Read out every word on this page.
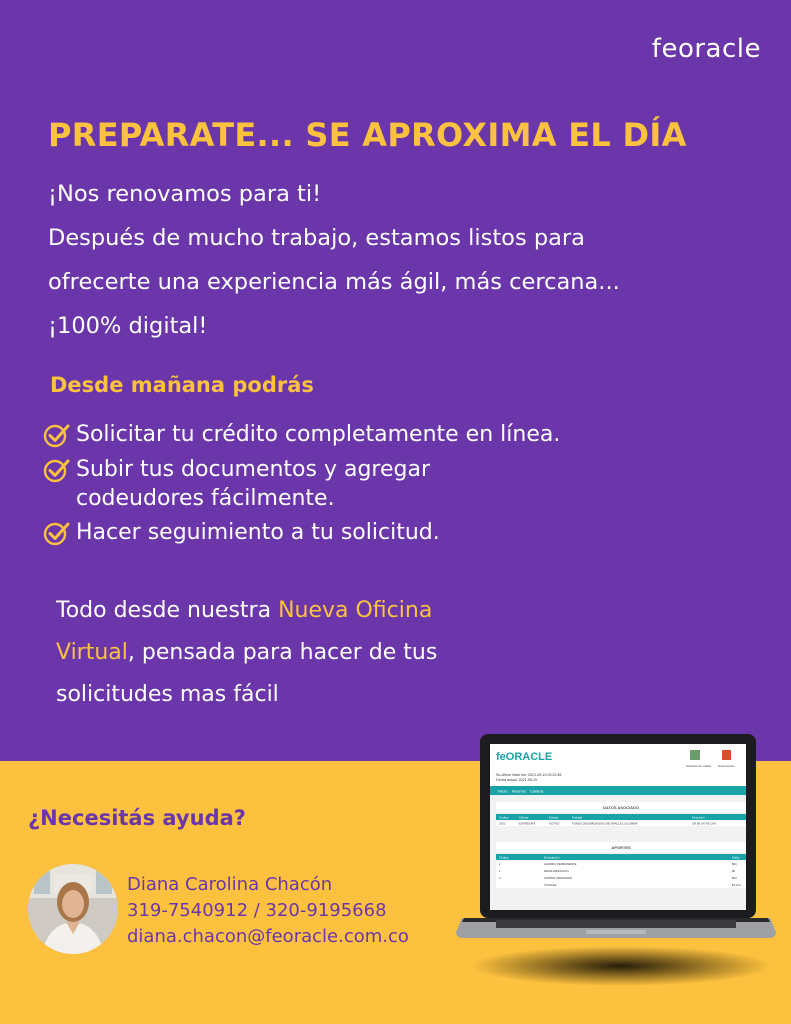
feoracle
PREPARATE... SE APROXIMA EL DÍA
¡Nos renovamos para ti!
Después de mucho trabajo, estamos listos para
ofrecerte una experiencia más ágil, más cercana...
¡100% digital!
Desde mañana podrás
Solicitar tu crédito completamente en línea.
Subir tus documentos y agregar
codeudores fácilmente.
Hacer seguimiento a tu solicitud.
Todo desde nuestra Nueva Oficina Virtual, pensada para hacer de tus solicitudes mas fácil
¿Necesitás ayuda?
Diana Carolina Chacón
319-7540912 / 320-9195668
diana.chacon@feoracle.com.co
feORACLE
Solicitud de crédito Documentos
Su ultimo inicio fue: 2021-05-19 02:22:45
Fecha actual: 2021-05-19
Inicio Ahorros Cartera
DATOS ASOCIADO
Código	Cliente	Estado	Entidad	Dirección
2301	ESTRIDORA	ACTIVO	FONDO DE EMPLEADOS DE ORACLE COLOMBIA	CR 85 147 86 CA 8
APORTES
Código	Descripción	Saldo
1	AHORRO PERMANENTE	$00
1	REVALORIZACION	$0
4	APORTE ORDINARIO	$00
TOTALES	$1.273
